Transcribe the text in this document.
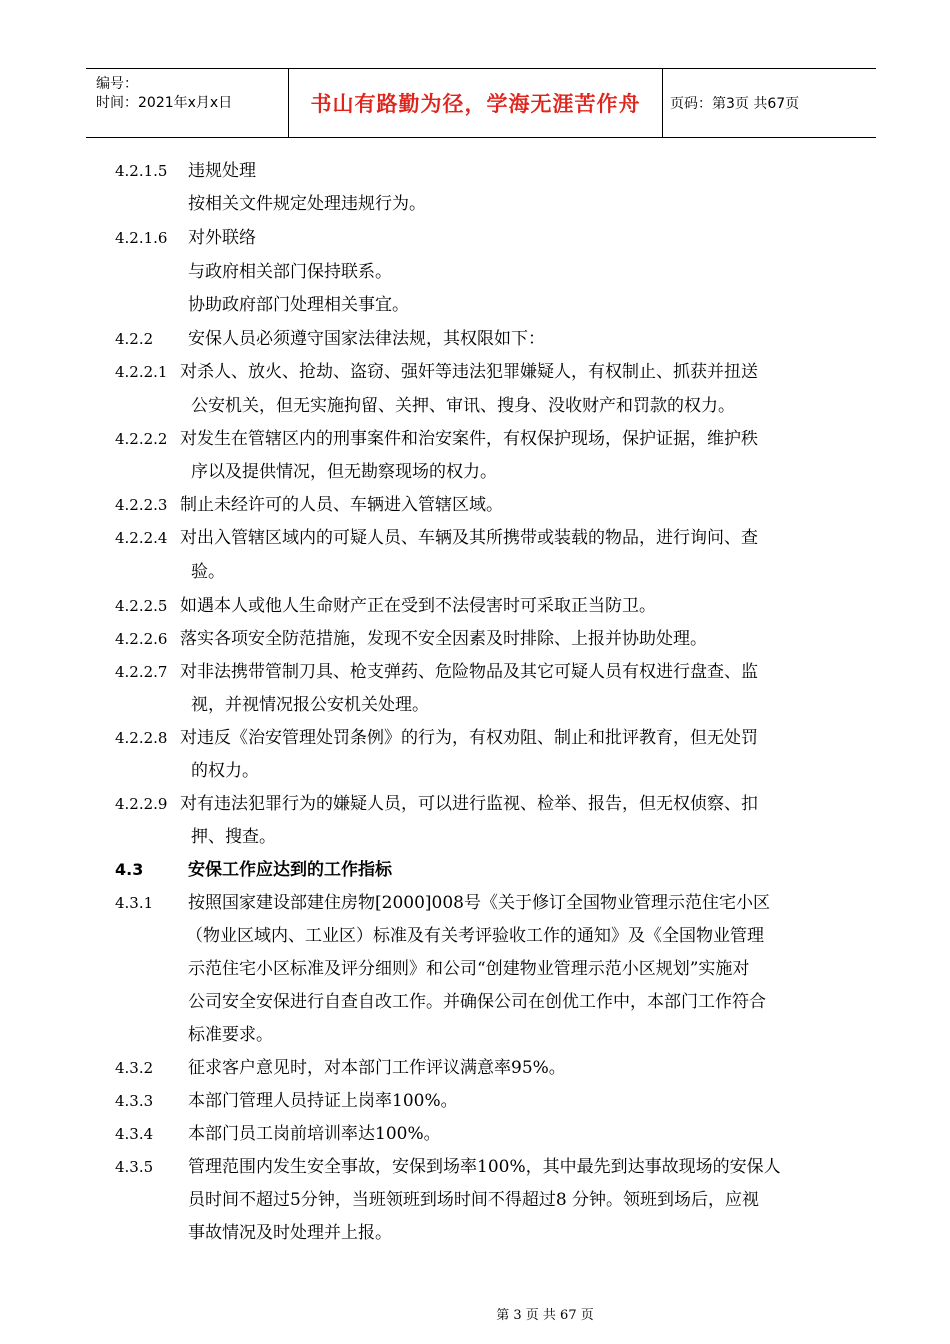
编号：
时间：2021年x月x日	书山有路勤为径，学海无涯苦作舟	页码：第3页 共67页
4.2.1.5 违规处理
按相关文件规定处理违规行为。
4.2.1.6 对外联络
与政府相关部门保持联系。
协助政府部门处理相关事宜。
4.2.2 安保人员必须遵守国家法律法规，其权限如下：
4.2.2.1 对杀人、放火、抢劫、盗窃、强奸等违法犯罪嫌疑人，有权制止、抓获并扭送
公安机关，但无实施拘留、关押、审讯、搜身、没收财产和罚款的权力。
4.2.2.2 对发生在管辖区内的刑事案件和治安案件，有权保护现场，保护证据，维护秩
序以及提供情况，但无勘察现场的权力。
4.2.2.3 制止未经许可的人员、车辆进入管辖区域。
4.2.2.4 对出入管辖区域内的可疑人员、车辆及其所携带或装载的物品，进行询问、查
验。
4.2.2.5 如遇本人或他人生命财产正在受到不法侵害时可采取正当防卫。
4.2.2.6 落实各项安全防范措施，发现不安全因素及时排除、上报并协助处理。
4.2.2.7 对非法携带管制刀具、枪支弹药、危险物品及其它可疑人员有权进行盘查、监
视，并视情况报公安机关处理。
4.2.2.8 对违反《治安管理处罚条例》的行为，有权劝阻、制止和批评教育，但无处罚
的权力。
4.2.2.9 对有违法犯罪行为的嫌疑人员，可以进行监视、检举、报告，但无权侦察、扣
押、搜查。
4.3	安保工作应达到的工作指标
4.3.1 按照国家建设部建住房物[2000]008号《关于修订全国物业管理示范住宅小区
（物业区域内、工业区）标准及有关考评验收工作的通知》及《全国物业管理
示范住宅小区标准及评分细则》和公司“创建物业管理示范小区规划”实施对
公司安全安保进行自查自改工作。并确保公司在创优工作中，本部门工作符合
标准要求。
4.3.2 征求客户意见时，对本部门工作评议满意率95%。
4.3.3 本部门管理人员持证上岗率100%。
4.3.4 本部门员工岗前培训率达100%。
4.3.5 管理范围内发生安全事故，安保到场率100%，其中最先到达事故现场的安保人
员时间不超过5分钟，当班领班到场时间不得超过8 分钟。领班到场后，应视
事故情况及时处理并上报。
第 3 页 共 67 页
